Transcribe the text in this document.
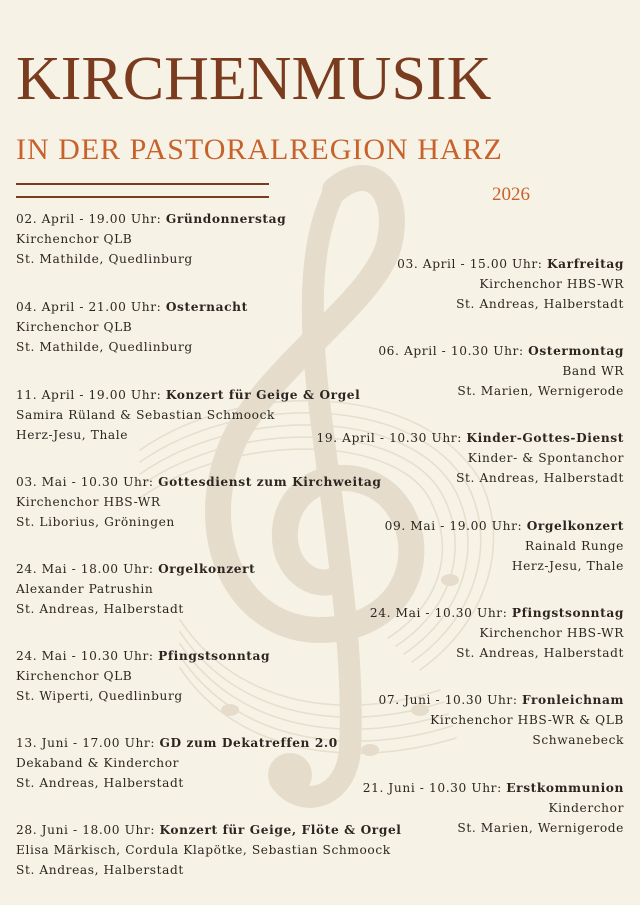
KIRCHENMUSIK
IN DER PASTORALREGION HARZ
2026
02. April - 19.00 Uhr: Gründonnerstag
Kirchenchor QLB
St. Mathilde, Quedlinburg
04. April - 21.00 Uhr: Osternacht
Kirchenchor QLB
St. Mathilde, Quedlinburg
11. April - 19.00 Uhr: Konzert für Geige & Orgel
Samira Rüland & Sebastian Schmoock
Herz-Jesu, Thale
03. Mai - 10.30 Uhr: Gottesdienst zum Kirchweitag
Kirchenchor HBS-WR
St. Liborius, Gröningen
24. Mai - 18.00 Uhr: Orgelkonzert
Alexander Patrushin
St. Andreas, Halberstadt
24. Mai - 10.30 Uhr: Pfingstsonntag
Kirchenchor QLB
St. Wiperti, Quedlinburg
13. Juni - 17.00 Uhr: GD zum Dekatreffen 2.0
Dekaband & Kinderchor
St. Andreas, Halberstadt
28. Juni - 18.00 Uhr: Konzert für Geige, Flöte & Orgel
Elisa Märkisch, Cordula Klapötke, Sebastian Schmoock
St. Andreas, Halberstadt
03. April - 15.00 Uhr: Karfreitag
Kirchenchor HBS-WR
St. Andreas, Halberstadt
06. April - 10.30 Uhr: Ostermontag
Band WR
St. Marien, Wernigerode
19. April - 10.30 Uhr: Kinder-Gottes-Dienst
Kinder- & Spontanchor
St. Andreas, Halberstadt
09. Mai - 19.00 Uhr: Orgelkonzert
Rainald Runge
Herz-Jesu, Thale
24. Mai - 10.30 Uhr: Pfingstsonntag
Kirchenchor HBS-WR
St. Andreas, Halberstadt
07. Juni - 10.30 Uhr: Fronleichnam
Kirchenchor HBS-WR & QLB
Schwanebeck
21. Juni - 10.30 Uhr: Erstkommunion
Kinderchor
St. Marien, Wernigerode
